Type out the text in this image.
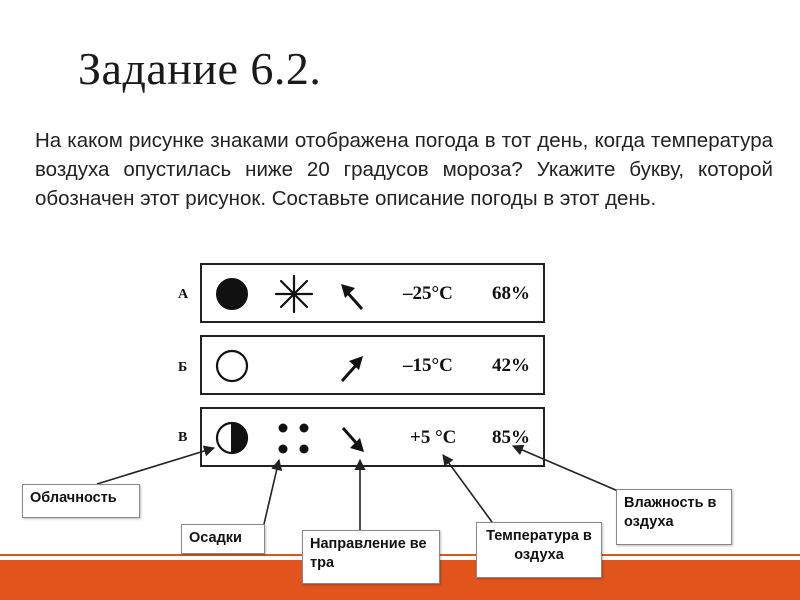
Задание 6.2.
На каком рисунке знаками отображена погода в тот день, когда температура воздуха опустилась ниже 20 градусов мороза? Укажите букву, которой обозначен этот рисунок. Составьте описание погоды в этот день.
А
Б
В
–25°С 68%
–15°С 42%
+5 °С 85%
Облачность
Осадки	Направление ветра
Температура воздуха
Влажность воздуха
